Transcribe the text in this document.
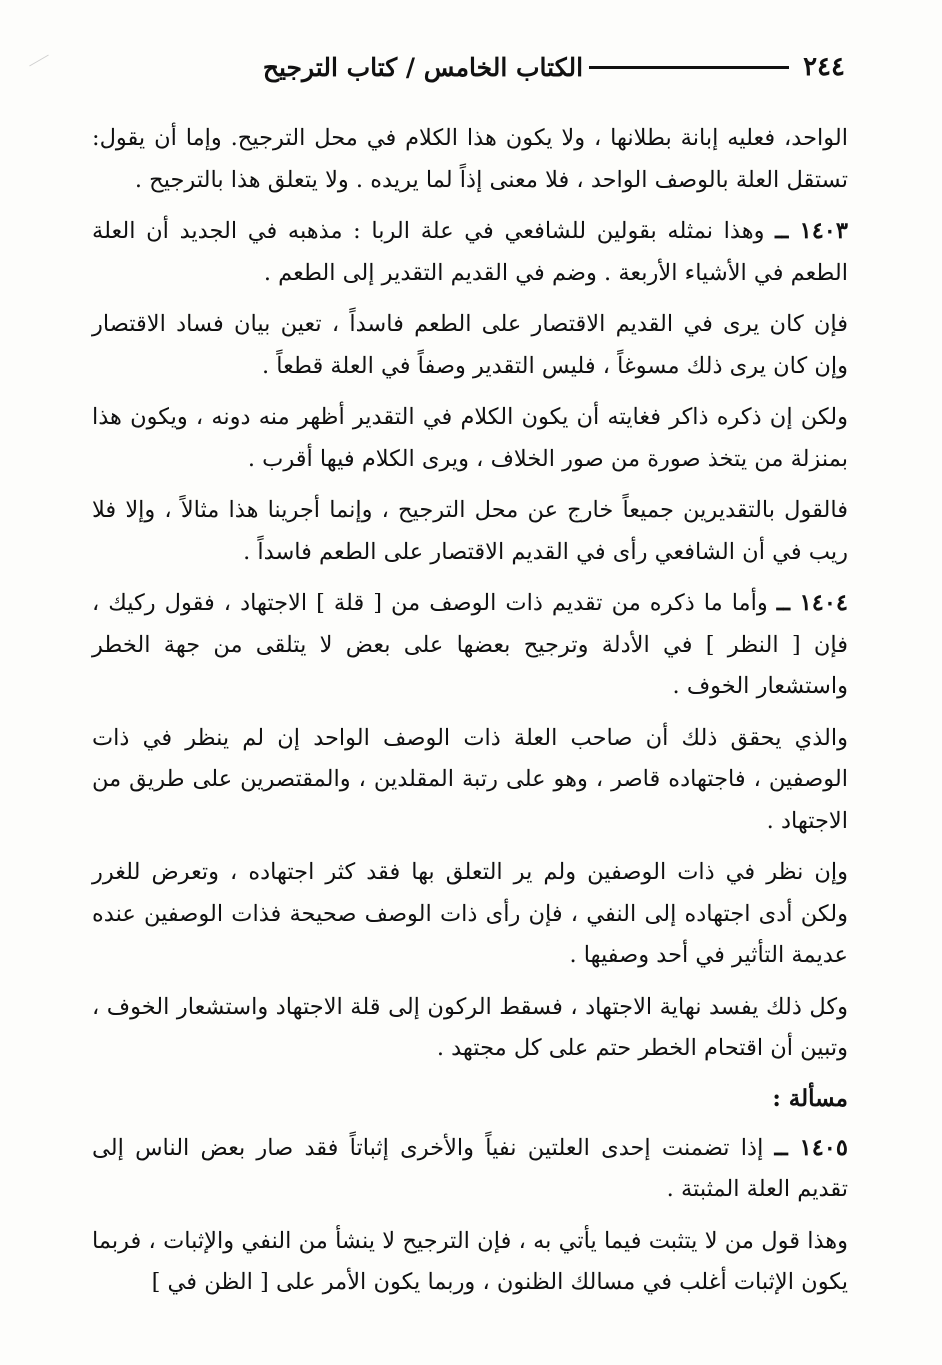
٢٤٤
الكتاب الخامس / كتاب الترجيح

الواحد، فعليه إبانة بطلانها ، ولا يكون هذا الكلام في محل الترجيح. وإما أن يقول: تستقل العلة بالوصف الواحد ، فلا معنى إذاً لما يريده . ولا يتعلق هذا بالترجيح .

١٤٠٣ ــ وهذا نمثله بقولين للشافعي في علة الربا : مذهبه في الجديد أن العلة الطعم في الأشياء الأربعة . وضم في القديم التقدير إلى الطعم .

فإن كان يرى في القديم الاقتصار على الطعم فاسداً ، تعين بيان فساد الاقتصار وإن كان يرى ذلك مسوغاً ، فليس التقدير وصفاً في العلة قطعاً .

ولكن إن ذكره ذاكر فغايته أن يكون الكلام في التقدير أظهر منه دونه ، ويكون هذا بمنزلة من يتخذ صورة من صور الخلاف ، ويرى الكلام فيها أقرب .

فالقول بالتقديرين جميعاً خارج عن محل الترجيح ، وإنما أجرينا هذا مثالاً ، وإلا فلا ريب في أن الشافعي رأى في القديم الاقتصار على الطعم فاسداً .

١٤٠٤ ــ وأما ما ذكره من تقديم ذات الوصف من [ قلة ] الاجتهاد ، فقول ركيك ، فإن [ النظر ] في الأدلة وترجيح بعضها على بعض لا يتلقى من جهة الخطر واستشعار الخوف .

والذي يحقق ذلك أن صاحب العلة ذات الوصف الواحد إن لم ينظر في ذات الوصفين ، فاجتهاده قاصر ، وهو على رتبة المقلدين ، والمقتصرين على طريق من الاجتهاد .

وإن نظر في ذات الوصفين ولم ير التعلق بها فقد كثر اجتهاده ، وتعرض للغرر ولكن أدى اجتهاده إلى النفي ، فإن رأى ذات الوصف صحيحة فذات الوصفين عنده عديمة التأثير في أحد وصفيها .

وكل ذلك يفسد نهاية الاجتهاد ، فسقط الركون إلى قلة الاجتهاد واستشعار الخوف ، وتبين أن اقتحام الخطر حتم على كل مجتهد .

مسألة :

١٤٠٥ ــ إذا تضمنت إحدى العلتين نفياً والأخرى إثباتاً فقد صار بعض الناس إلى تقديم العلة المثبتة .

وهذا قول من لا يتثبت فيما يأتي به ، فإن الترجيح لا ينشأ من النفي والإثبات ، فربما يكون الإثبات أغلب في مسالك الظنون ، وربما يكون الأمر على [ الظن في ]
